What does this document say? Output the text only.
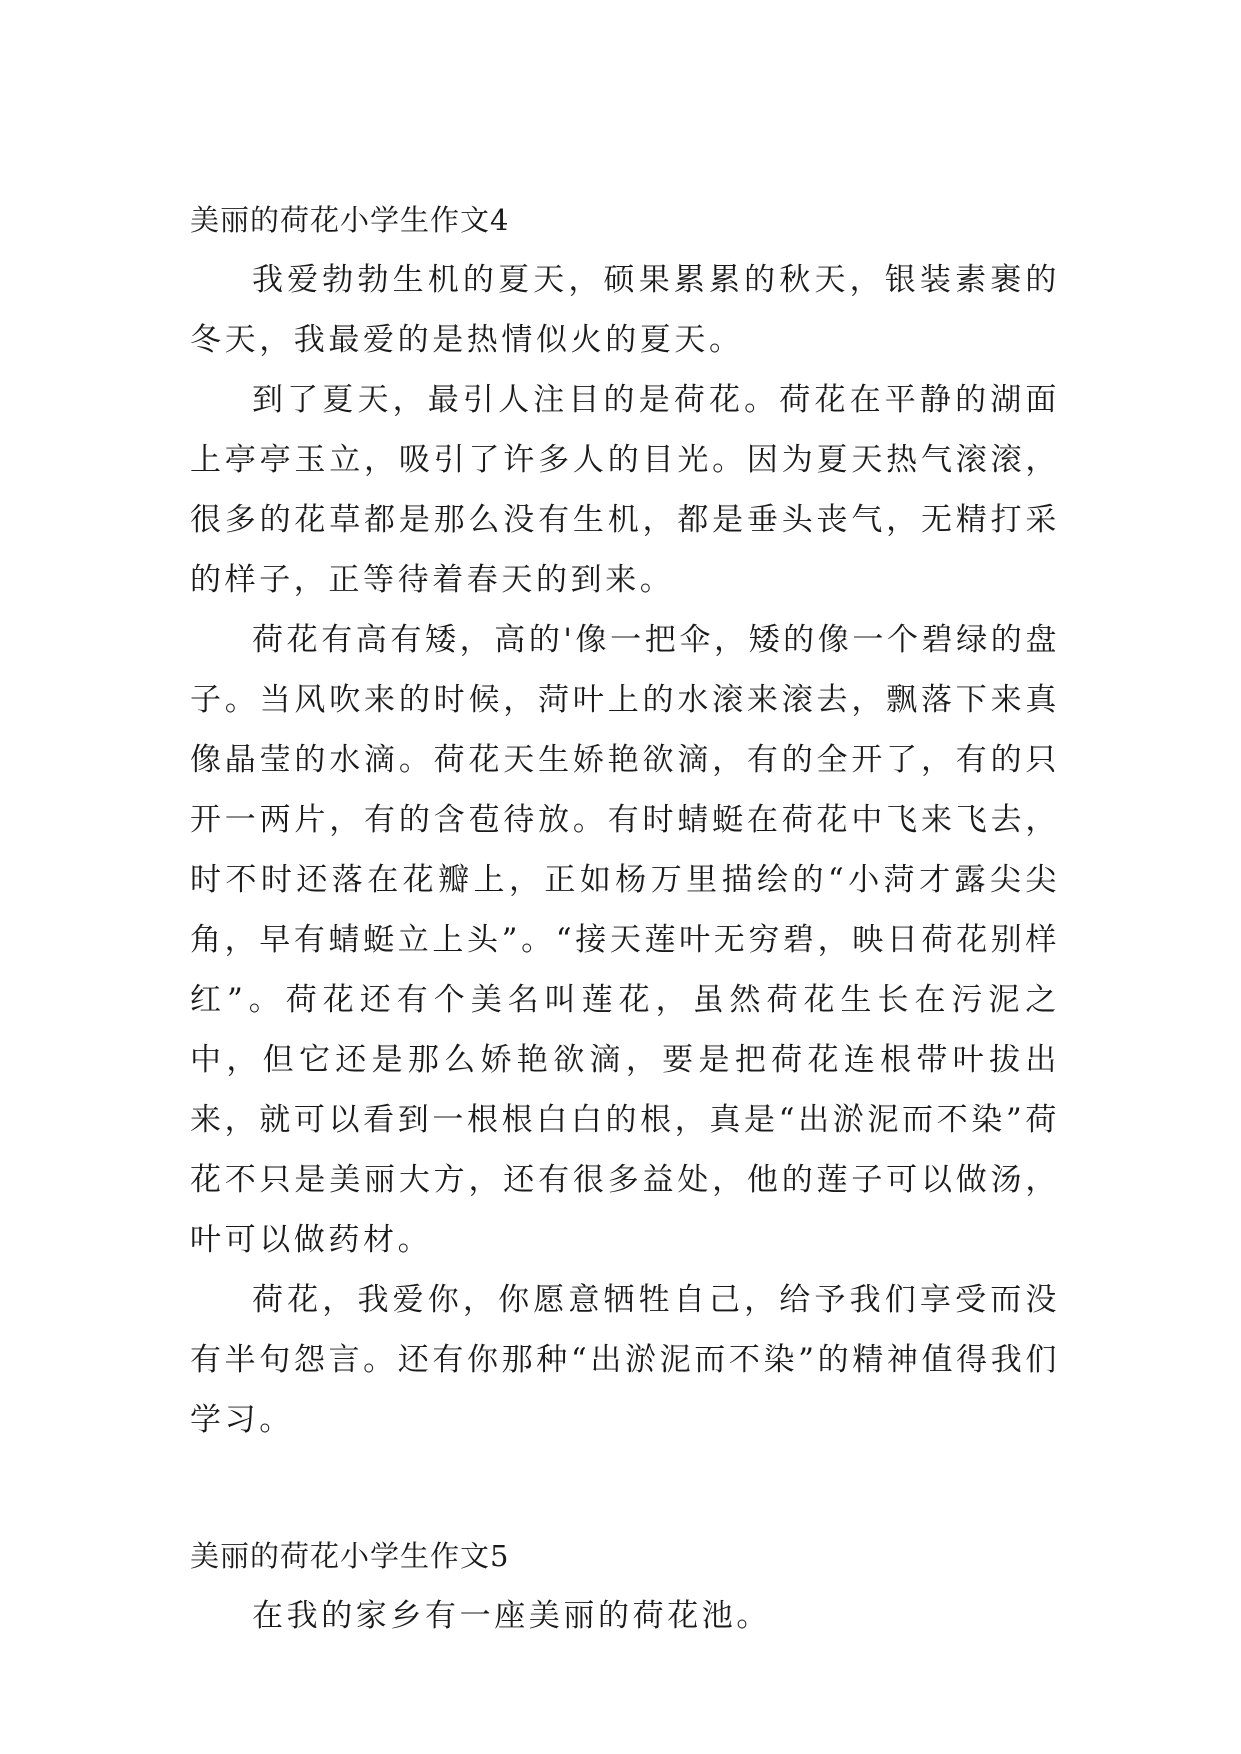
美丽的荷花小学生作文4

我爱勃勃生机的夏天，硕果累累的秋天，银装素裹的冬天，我最爱的是热情似火的夏天。

到了夏天，最引人注目的是荷花。荷花在平静的湖面上亭亭玉立，吸引了许多人的目光。因为夏天热气滚滚，很多的花草都是那么没有生机，都是垂头丧气，无精打采的样子，正等待着春天的到来。

荷花有高有矮，高的'像一把伞，矮的像一个碧绿的盘子。当风吹来的时候，菏叶上的水滚来滚去，飘落下来真像晶莹的水滴。荷花天生娇艳欲滴，有的全开了，有的只开一两片，有的含苞待放。有时蜻蜓在荷花中飞来飞去，时不时还落在花瓣上，正如杨万里描绘的“小菏才露尖尖角，早有蜻蜓立上头”。“接天莲叶无穷碧，映日荷花别样红”。荷花还有个美名叫莲花，虽然荷花生长在污泥之中，但它还是那么娇艳欲滴，要是把荷花连根带叶拔出来，就可以看到一根根白白的根，真是“出淤泥而不染”荷花不只是美丽大方，还有很多益处，他的莲子可以做汤，叶可以做药材。

荷花，我爱你，你愿意牺牲自己，给予我们享受而没有半句怨言。还有你那种“出淤泥而不染”的精神值得我们学习。

美丽的荷花小学生作文5

在我的家乡有一座美丽的荷花池。
